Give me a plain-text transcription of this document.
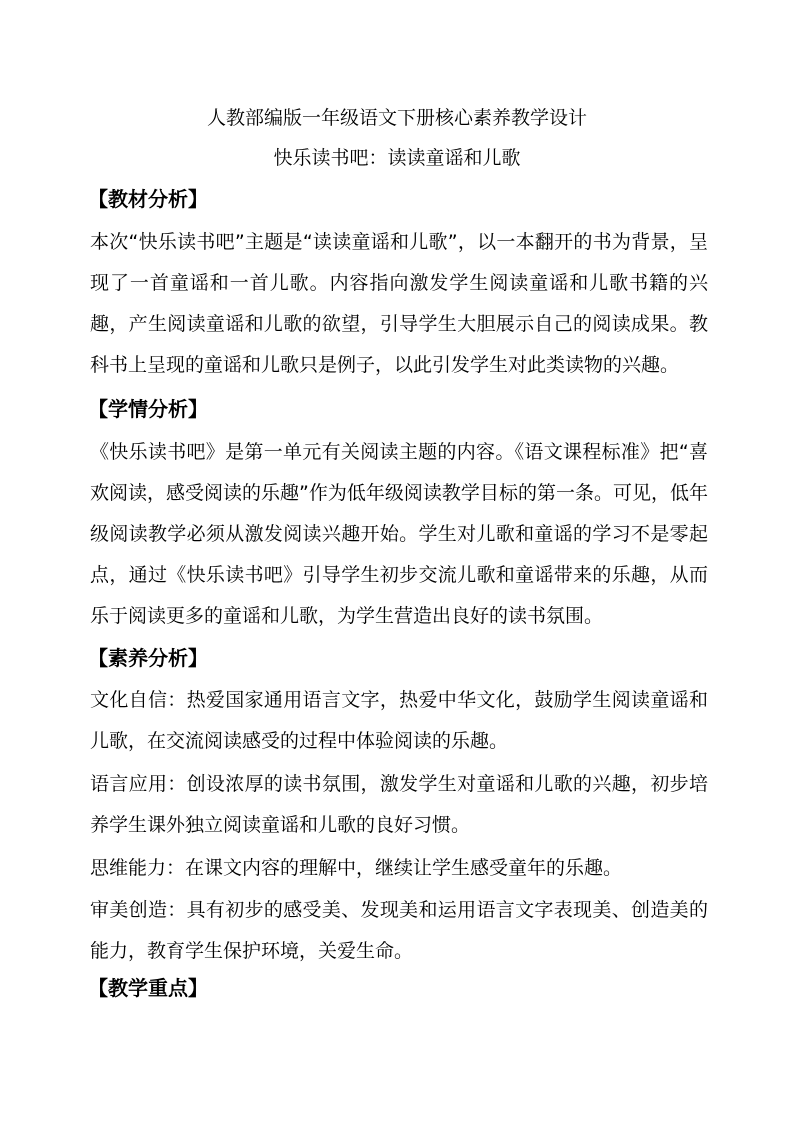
人教部编版一年级语文下册核心素养教学设计
快乐读书吧：读读童谣和儿歌
【教材分析】
本次“快乐读书吧”主题是“读读童谣和儿歌”，以一本翻开的书为背景，呈现了一首童谣和一首儿歌。内容指向激发学生阅读童谣和儿歌书籍的兴趣，产生阅读童谣和儿歌的欲望，引导学生大胆展示自己的阅读成果。教科书上呈现的童谣和儿歌只是例子，以此引发学生对此类读物的兴趣。
【学情分析】
《快乐读书吧》是第一单元有关阅读主题的内容。《语文课程标准》把“喜欢阅读，感受阅读的乐趣”作为低年级阅读教学目标的第一条。可见，低年级阅读教学必须从激发阅读兴趣开始。学生对儿歌和童谣的学习不是零起点，通过《快乐读书吧》引导学生初步交流儿歌和童谣带来的乐趣，从而乐于阅读更多的童谣和儿歌，为学生营造出良好的读书氛围。
【素养分析】
文化自信：热爱国家通用语言文字，热爱中华文化，鼓励学生阅读童谣和儿歌，在交流阅读感受的过程中体验阅读的乐趣。
语言应用：创设浓厚的读书氛围，激发学生对童谣和儿歌的兴趣，初步培养学生课外独立阅读童谣和儿歌的良好习惯。
思维能力：在课文内容的理解中，继续让学生感受童年的乐趣。
审美创造：具有初步的感受美、发现美和运用语言文字表现美、创造美的能力，教育学生保护环境，关爱生命。
【教学重点】
